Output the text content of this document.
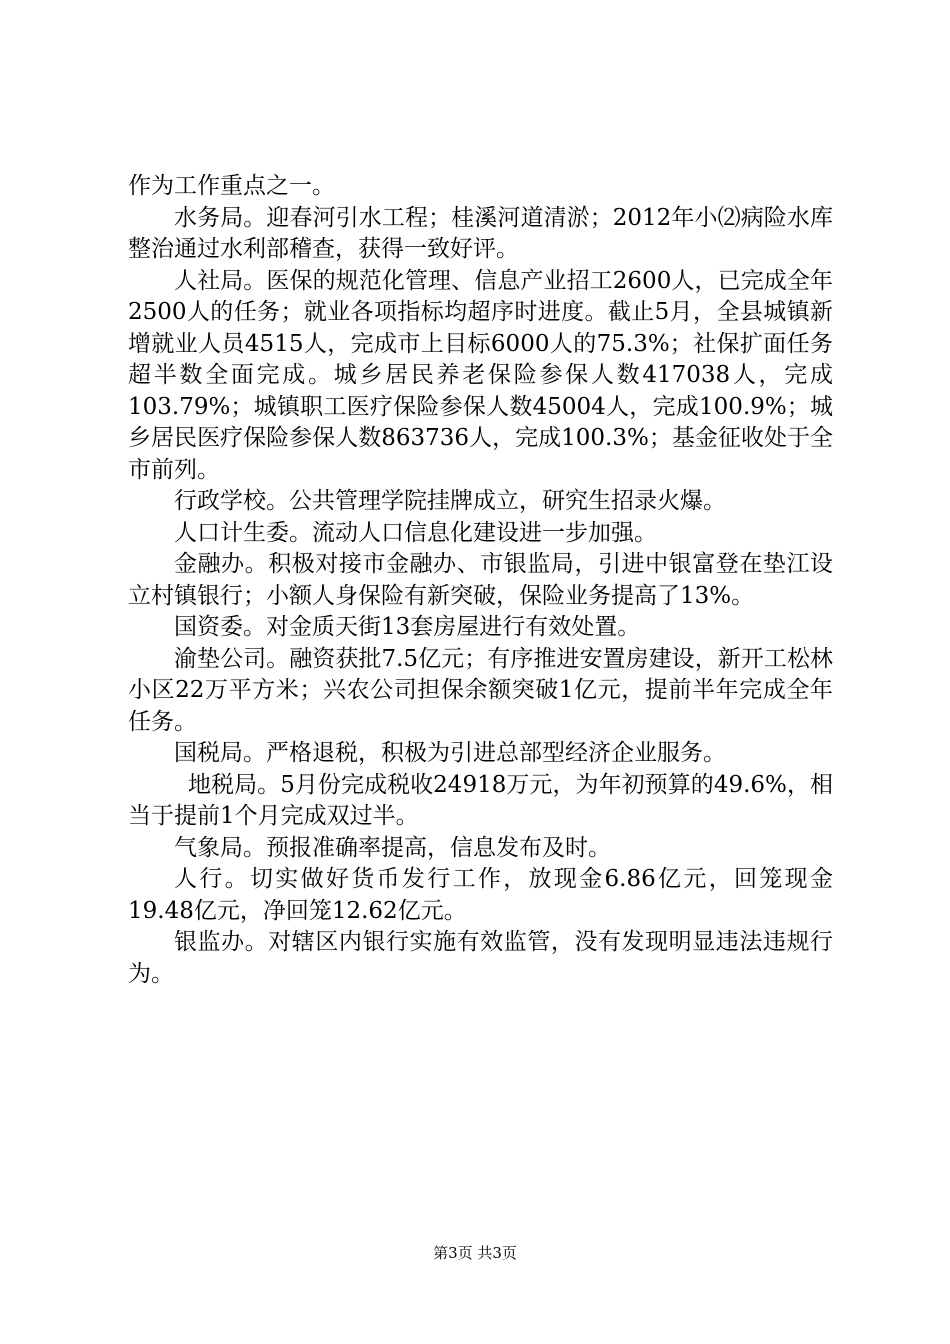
作为工作重点之一。

水务局。迎春河引水工程；桂溪河道清淤；2012年小⑵病险水库整治通过水利部稽查，获得一致好评。

人社局。医保的规范化管理、信息产业招工2600人，已完成全年2500人的任务；就业各项指标均超序时进度。截止5月，全县城镇新增就业人员4515人，完成市上目标6000人的75.3%；社保扩面任务超半数全面完成。城乡居民养老保险参保人数417038人，完成103.79%；城镇职工医疗保险参保人数45004人，完成100.9%；城乡居民医疗保险参保人数863736人，完成100.3%；基金征收处于全市前列。

行政学校。公共管理学院挂牌成立，研究生招录火爆。

人口计生委。流动人口信息化建设进一步加强。

金融办。积极对接市金融办、市银监局，引进中银富登在垫江设立村镇银行；小额人身保险有新突破，保险业务提高了13%。

国资委。对金质天街13套房屋进行有效处置。

渝垫公司。融资获批7.5亿元；有序推进安置房建设，新开工松林小区22万平方米；兴农公司担保余额突破1亿元，提前半年完成全年任务。

国税局。严格退税，积极为引进总部型经济企业服务。

地税局。5月份完成税收24918万元，为年初预算的49.6%，相当于提前1个月完成双过半。

气象局。预报准确率提高，信息发布及时。

人行。切实做好货币发行工作，放现金6.86亿元，回笼现金19.48亿元，净回笼12.62亿元。

银监办。对辖区内银行实施有效监管，没有发现明显违法违规行为。

第3页 共3页
